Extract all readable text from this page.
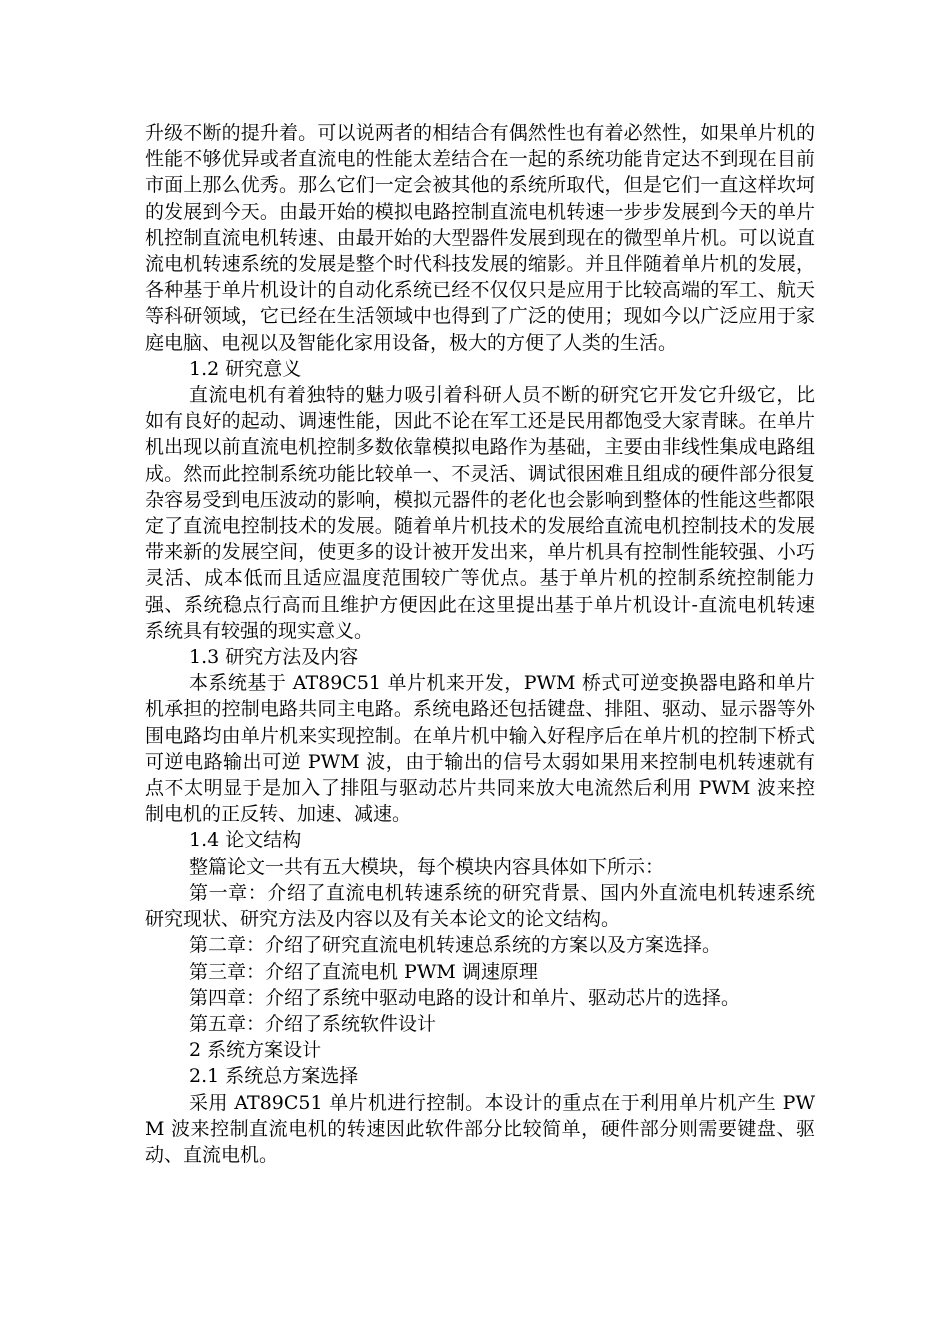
升级不断的提升着。可以说两者的相结合有偶然性也有着必然性，如果单片机的性能不够优异或者直流电的性能太差结合在一起的系统功能肯定达不到现在目前市面上那么优秀。那么它们一定会被其他的系统所取代，但是它们一直这样坎坷的发展到今天。由最开始的模拟电路控制直流电机转速一步步发展到今天的单片机控制直流电机转速、由最开始的大型器件发展到现在的微型单片机。可以说直流电机转速系统的发展是整个时代科技发展的缩影。并且伴随着单片机的发展，各种基于单片机设计的自动化系统已经不仅仅只是应用于比较高端的军工、航天等科研领域，它已经在生活领域中也得到了广泛的使用；现如今以广泛应用于家庭电脑、电视以及智能化家用设备，极大的方便了人类的生活。

1.2 研究意义

直流电机有着独特的魅力吸引着科研人员不断的研究它开发它升级它，比如有良好的起动、调速性能，因此不论在军工还是民用都饱受大家青睐。在单片机出现以前直流电机控制多数依靠模拟电路作为基础，主要由非线性集成电路组成。然而此控制系统功能比较单一、不灵活、调试很困难且组成的硬件部分很复杂容易受到电压波动的影响，模拟元器件的老化也会影响到整体的性能这些都限定了直流电控制技术的发展。随着单片机技术的发展给直流电机控制技术的发展带来新的发展空间，使更多的设计被开发出来，单片机具有控制性能较强、小巧灵活、成本低而且适应温度范围较广等优点。基于单片机的控制系统控制能力强、系统稳点行高而且维护方便因此在这里提出基于单片机设计-直流电机转速系统具有较强的现实意义。

1.3 研究方法及内容

本系统基于 AT89C51 单片机来开发，PWM 桥式可逆变换器电路和单片机承担的控制电路共同主电路。系统电路还包括键盘、排阻、驱动、显示器等外围电路均由单片机来实现控制。在单片机中输入好程序后在单片机的控制下桥式可逆电路输出可逆 PWM 波，由于输出的信号太弱如果用来控制电机转速就有点不太明显于是加入了排阻与驱动芯片共同来放大电流然后利用 PWM 波来控制电机的正反转、加速、减速。

1.4 论文结构

整篇论文一共有五大模块，每个模块内容具体如下所示：

第一章：介绍了直流电机转速系统的研究背景、国内外直流电机转速系统研究现状、研究方法及内容以及有关本论文的论文结构。

第二章：介绍了研究直流电机转速总系统的方案以及方案选择。

第三章：介绍了直流电机 PWM 调速原理

第四章：介绍了系统中驱动电路的设计和单片、驱动芯片的选择。

第五章：介绍了系统软件设计

2 系统方案设计

2.1 系统总方案选择

采用 AT89C51 单片机进行控制。本设计的重点在于利用单片机产生 PWM 波来控制直流电机的转速因此软件部分比较简单，硬件部分则需要键盘、驱动、直流电机。
